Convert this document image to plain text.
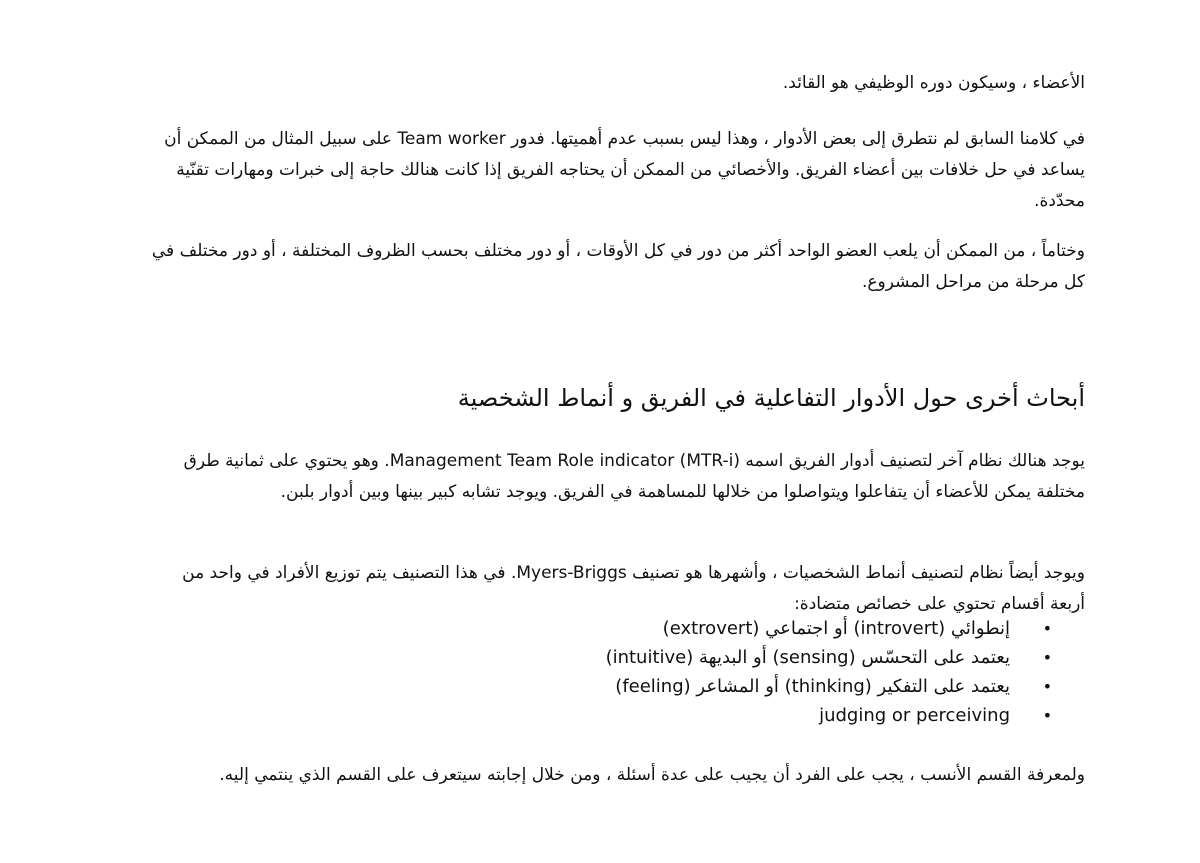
الأعضاء ، وسيكون دوره الوظيفي هو القائد.

في كلامنا السابق لم نتطرق إلى بعض الأدوار ، وهذا ليس بسبب عدم أهميتها. فدور Team worker على سبيل المثال من الممكن أن يساعد في حل خلافات بين أعضاء الفريق. والأخصائي من الممكن أن يحتاجه الفريق إذا كانت هنالك حاجة إلى خبرات ومهارات تقنّية محدّدة.

وختاماً ، من الممكن أن يلعب العضو الواحد أكثر من دور في كل الأوقات ، أو دور مختلف بحسب الظروف المختلفة ، أو دور مختلف في كل مرحلة من مراحل المشروع.

أبحاث أخرى حول الأدوار التفاعلية في الفريق و أنماط الشخصية

يوجد هنالك نظام آخر لتصنيف أدوار الفريق اسمه (Management Team Role indicator (MTR-i. وهو يحتوي على ثمانية طرق مختلفة يمكن للأعضاء أن يتفاعلوا ويتواصلوا من خلالها للمساهمة في الفريق. ويوجد تشابه كبير بينها وبين أدوار بلبن.

ويوجد أيضاً نظام لتصنيف أنماط الشخصيات ، وأشهرها هو تصنيف Myers-Briggs. في هذا التصنيف يتم توزيع الأفراد في واحد من أربعة أقسام تحتوي على خصائص متضادة:

•
إنطوائي (introvert) أو اجتماعي (extrovert)
•
يعتمد على التحسّس (sensing) أو البديهة (intuitive)
•
يعتمد على التفكير (thinking) أو المشاعر (feeling)
•
judging or perceiving

ولمعرفة القسم الأنسب ، يجب على الفرد أن يجيب على عدة أسئلة ، ومن خلال إجابته سيتعرف على القسم الذي ينتمي إليه.
